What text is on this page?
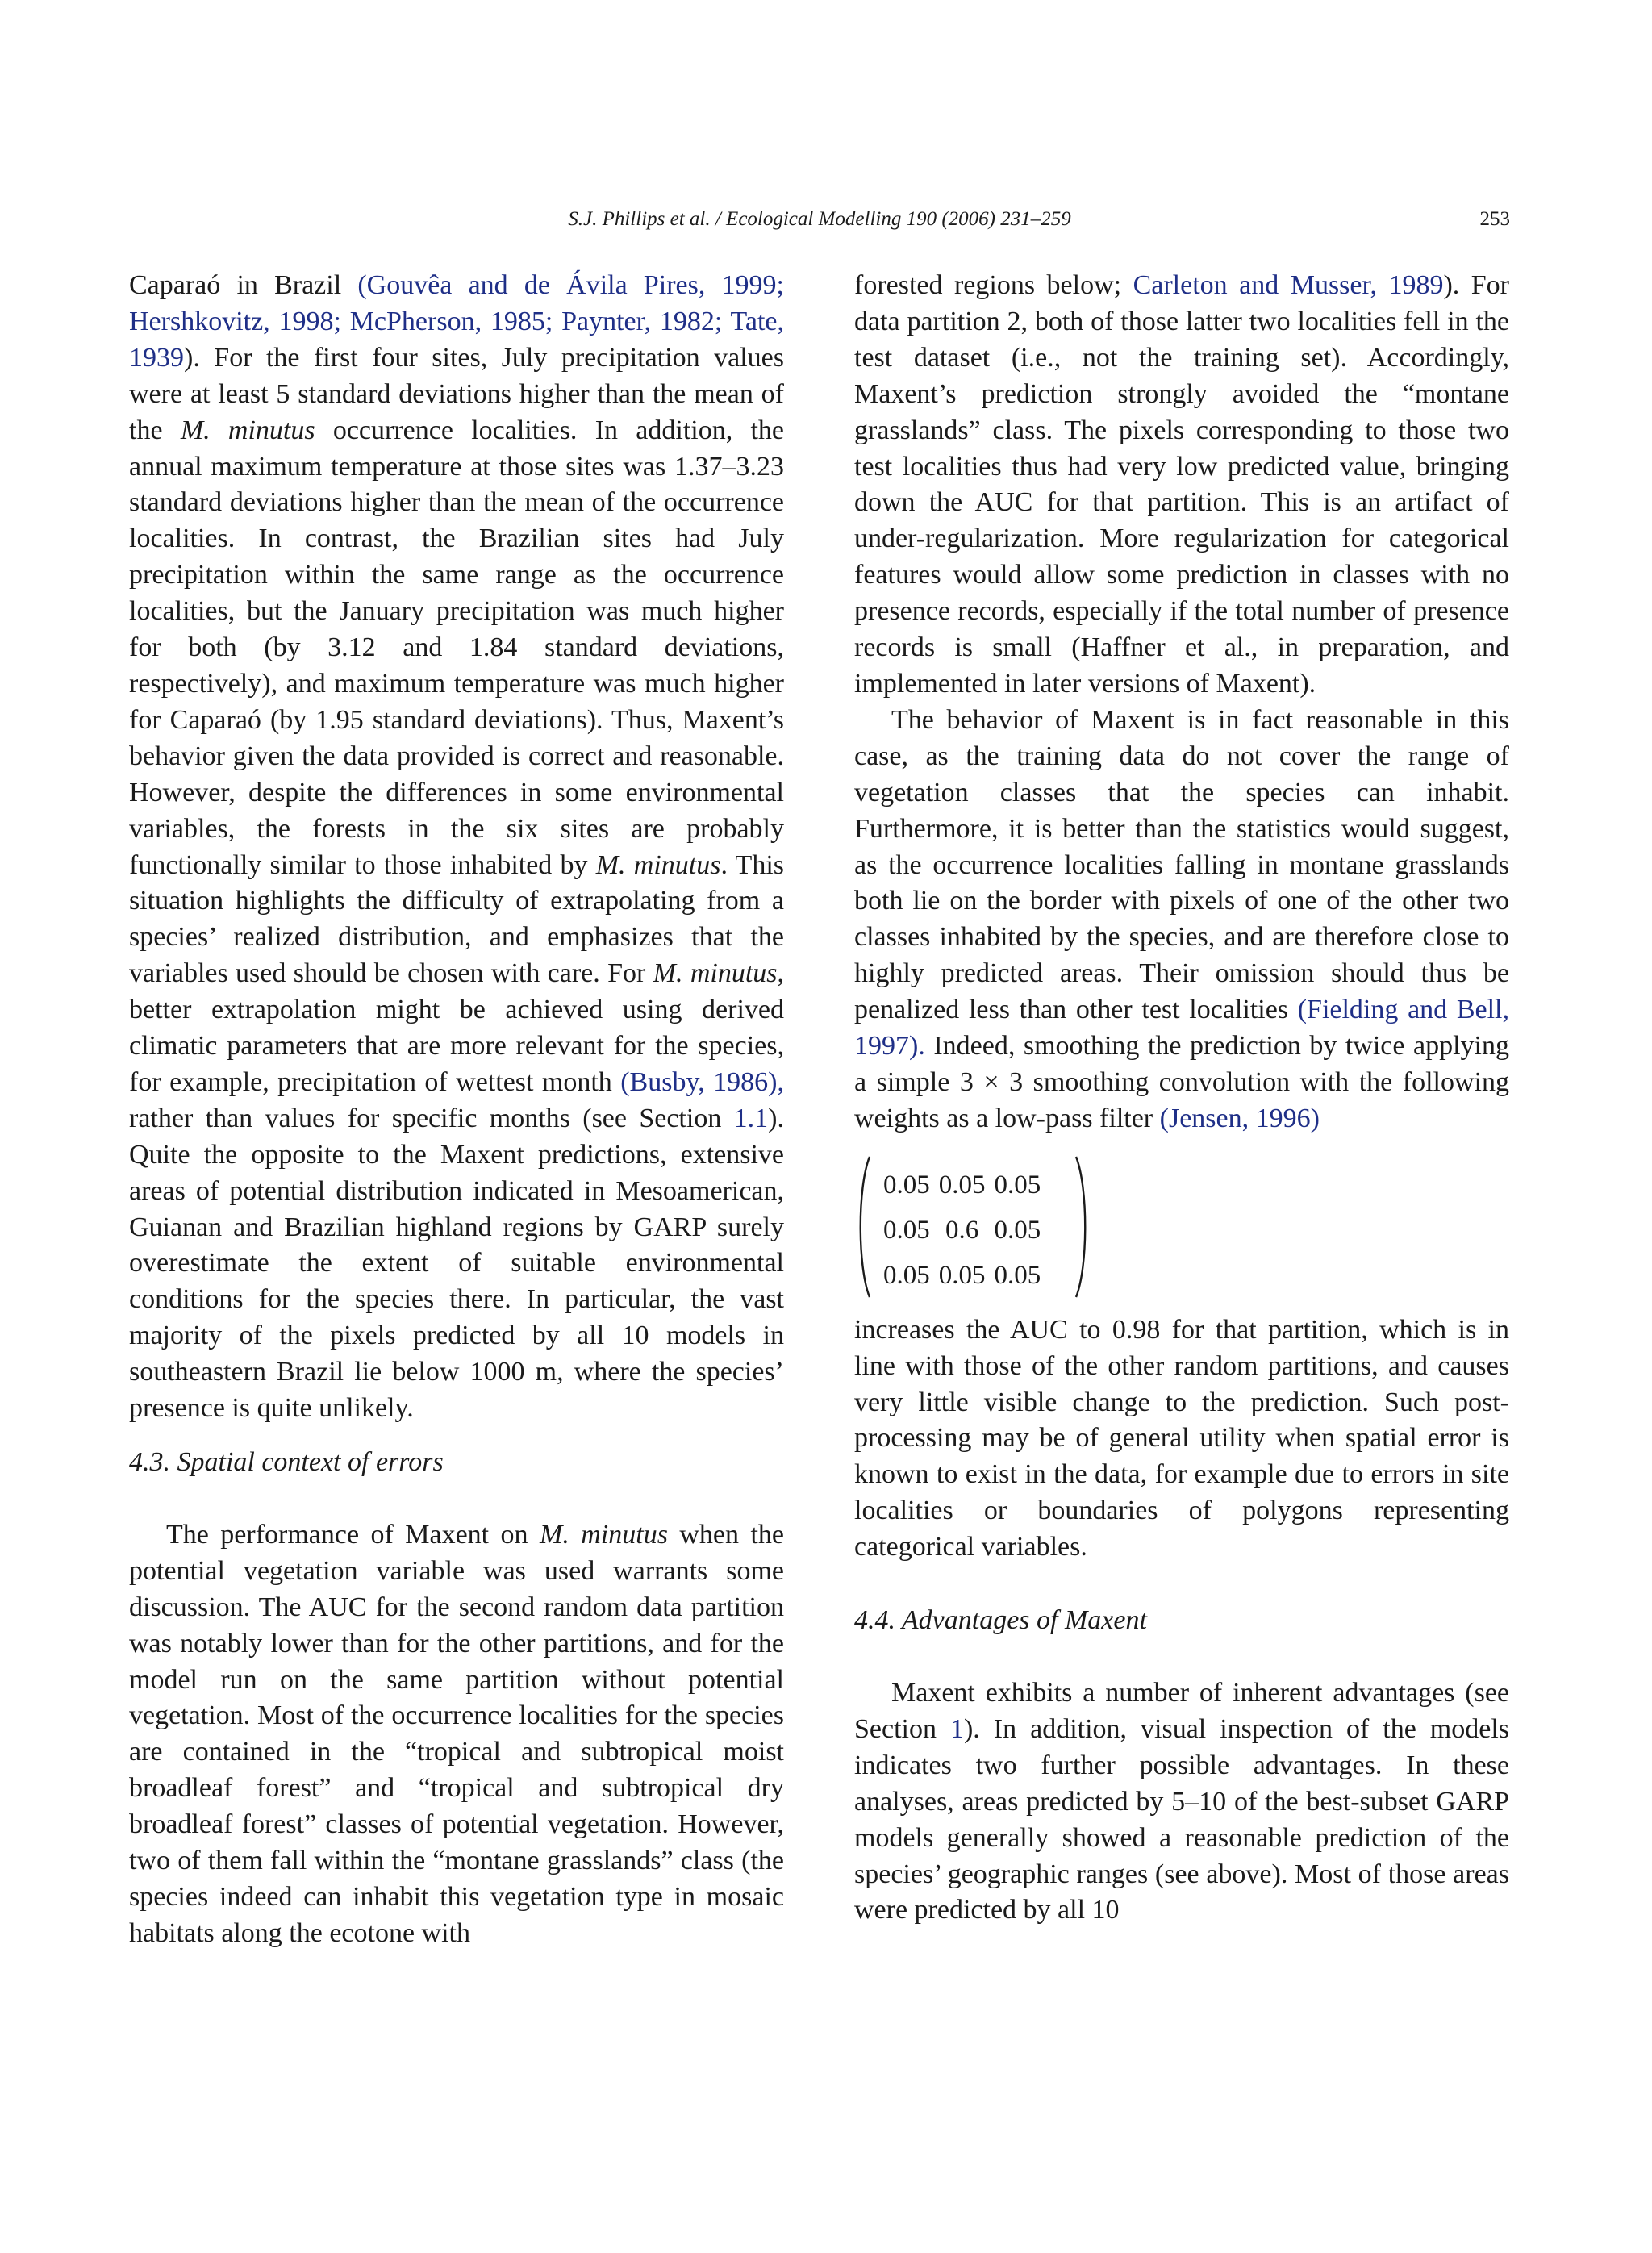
S.J. Phillips et al. / Ecological Modelling 190 (2006) 231–259	253

Caparaó in Brazil (Gouvêa and de Ávila Pires, 1999; Hershkovitz, 1998; McPherson, 1985; Paynter, 1982; Tate, 1939). For the first four sites, July precipitation values were at least 5 standard deviations higher than the mean of the M. minutus occurrence localities. In addition, the annual maximum temperature at those sites was 1.37–3.23 standard deviations higher than the mean of the occurrence localities. In contrast, the Brazilian sites had July precipitation within the same range as the occurrence localities, but the January precipitation was much higher for both (by 3.12 and 1.84 standard deviations, respectively), and maximum temperature was much higher for Caparaó (by 1.95 standard deviations). Thus, Maxent’s behavior given the data provided is correct and reasonable. However, despite the differences in some environmental variables, the forests in the six sites are probably functionally similar to those inhabited by M. minutus. This situation highlights the difficulty of extrapolating from a species’ realized distribution, and emphasizes that the variables used should be chosen with care. For M. minutus, better extrapolation might be achieved using derived climatic parameters that are more relevant for the species, for example, precipitation of wettest month (Busby, 1986), rather than values for specific months (see Section 1.1). Quite the opposite to the Maxent predictions, extensive areas of potential distribution indicated in Mesoamerican, Guianan and Brazilian highland regions by GARP surely overestimate the extent of suitable environmental conditions for the species there. In particular, the vast majority of the pixels predicted by all 10 models in southeastern Brazil lie below 1000 m, where the species’ presence is quite unlikely.

4.3. Spatial context of errors

The performance of Maxent on M. minutus when the potential vegetation variable was used warrants some discussion. The AUC for the second random data partition was notably lower than for the other partitions, and for the model run on the same partition without potential vegetation. Most of the occurrence localities for the species are contained in the “tropical and subtropical moist broadleaf forest” and “tropical and subtropical dry broadleaf forest” classes of potential vegetation. However, two of them fall within the “montane grasslands” class (the species indeed can inhabit this vegetation type in mosaic habitats along the ecotone with

forested regions below; Carleton and Musser, 1989). For data partition 2, both of those latter two localities fell in the test dataset (i.e., not the training set). Accordingly, Maxent’s prediction strongly avoided the “montane grasslands” class. The pixels corresponding to those two test localities thus had very low predicted value, bringing down the AUC for that partition. This is an artifact of under-regularization. More regularization for categorical features would allow some prediction in classes with no presence records, especially if the total number of presence records is small (Haffner et al., in preparation, and implemented in later versions of Maxent).

The behavior of Maxent is in fact reasonable in this case, as the training data do not cover the range of vegetation classes that the species can inhabit. Furthermore, it is better than the statistics would suggest, as the occurrence localities falling in montane grasslands both lie on the border with pixels of one of the other two classes inhabited by the species, and are therefore close to highly predicted areas. Their omission should thus be penalized less than other test localities (Fielding and Bell, 1997). Indeed, smoothing the prediction by twice applying a simple 3 × 3 smoothing convolution with the following weights as a low-pass filter (Jensen, 1996)

0.05	0.05	0.05
0.05	0.6	0.05
0.05	0.05	0.05

increases the AUC to 0.98 for that partition, which is in line with those of the other random partitions, and causes very little visible change to the prediction. Such post-processing may be of general utility when spatial error is known to exist in the data, for example due to errors in site localities or boundaries of polygons representing categorical variables.

4.4. Advantages of Maxent

Maxent exhibits a number of inherent advantages (see Section 1). In addition, visual inspection of the models indicates two further possible advantages. In these analyses, areas predicted by 5–10 of the best-subset GARP models generally showed a reasonable prediction of the species’ geographic ranges (see above). Most of those areas were predicted by all 10
